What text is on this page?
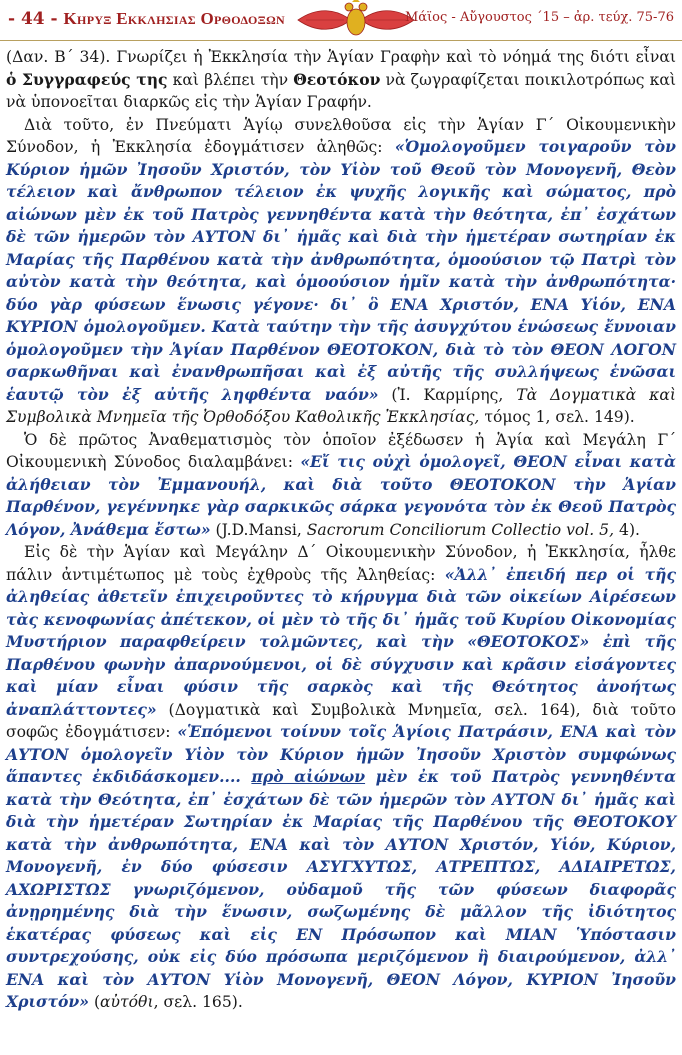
- 44 - Κηρυξ Εκκλησιας Ορθοδοξων	Μάϊος - Αὔγουστος ΄15 – ἀρ. τεύχ. 75-76

(Δαν. Β΄ 34). Γνωρίζει ἡ Ἐκκλησία τὴν Ἁγίαν Γραφὴν καὶ τὸ νόημά της διότι εἶναι ὁ Συγγραφεύς της καὶ βλέπει τὴν Θεοτόκον νὰ ζωγραφίζεται ποικιλοτρόπως καὶ νὰ ὑπονοεῖται διαρκῶς εἰς τὴν Ἁγίαν Γραφήν.

Διὰ τοῦτο, ἐν Πνεύματι Ἁγίῳ συνελθοῦσα εἰς τὴν Ἁγίαν Γ΄ Οἰκουμενικὴν Σύνοδον, ἡ Ἐκκλησία ἐδογμάτισεν ἀληθῶς: «Ὁμολογοῦμεν τοιγαροῦν τὸν Κύριον ἡμῶν Ἰησοῦν Χριστόν, τὸν Υἱὸν τοῦ Θεοῦ τὸν Μονογενῆ, Θεὸν τέλειον καὶ ἄνθρωπον τέλειον ἐκ ψυχῆς λογικῆς καὶ σώματος, πρὸ αἰώνων μὲν ἐκ τοῦ Πατρὸς γεννηθέντα κατὰ τὴν θεότητα, ἐπ᾽ ἐσχάτων δὲ τῶν ἡμερῶν τὸν ΑΥΤΟΝ δι᾽ ἡμᾶς καὶ διὰ τὴν ἡμετέραν σωτηρίαν ἐκ Μαρίας τῆς Παρθένου κατὰ τὴν ἀνθρωπότητα, ὁμοούσιον τῷ Πατρὶ τὸν αὐτὸν κατὰ τὴν θεότητα, καὶ ὁμοούσιον ἡμῖν κατὰ τὴν ἀνθρωπότητα· δύο γὰρ φύσεων ἕνωσις γέγονε· δι᾽ ὃ ΕΝΑ Χριστόν, ΕΝΑ Υἱόν, ΕΝΑ ΚΥΡΙΟΝ ὁμολογοῦμεν. Κατὰ ταύτην τὴν τῆς ἀσυγχύτου ἑνώσεως ἔννοιαν ὁμολογοῦμεν τὴν Ἁγίαν Παρθένον ΘΕΟΤΟΚΟΝ, διὰ τὸ τὸν ΘΕΟΝ ΛΟΓΟΝ σαρκωθῆναι καὶ ἐνανθρωπῆσαι καὶ ἐξ αὐτῆς τῆς συλλήψεως ἑνῶσαι ἑαυτῷ τὸν ἐξ αὐτῆς ληφθέντα ναόν» (Ἰ. Καρμίρης, Τὰ Δογματικὰ καὶ Συμβολικὰ Μνημεῖα τῆς Ὀρθοδόξου Καθολικῆς Ἐκκλησίας, τόμος 1, σελ. 149).

Ὁ δὲ πρῶτος Ἀναθεματισμὸς τὸν ὁποῖον ἐξέδωσεν ἡ Ἁγία καὶ Μεγάλη Γ΄ Οἰκουμενικὴ Σύνοδος διαλαμβάνει: «Εἴ τις οὐχὶ ὁμολογεῖ, ΘΕΟΝ εἶναι κατὰ ἀλήθειαν τὸν Ἐμμανουήλ, καὶ διὰ τοῦτο ΘΕΟΤΟΚΟΝ τὴν Ἁγίαν Παρθένον, γεγέννηκε γὰρ σαρκικῶς σάρκα γεγονότα τὸν ἐκ Θεοῦ Πατρὸς Λόγον, Ἀνάθεμα ἔστω» (J.D.Mansi, Sacrorum Conciliorum Collectio vol. 5, 4).

Εἰς δὲ τὴν Ἁγίαν καὶ Μεγάλην Δ΄ Οἰκουμενικὴν Σύνοδον, ἡ Ἐκκλησία, ἦλθε πάλιν ἀντιμέτωπος μὲ τοὺς ἐχθροὺς τῆς Ἀληθείας: «Ἀλλ᾽ ἐπειδή περ οἱ τῆς ἀληθείας ἀθετεῖν ἐπιχειροῦντες τὸ κήρυγμα διὰ τῶν οἰκείων Αἱρέσεων τὰς κενοφωνίας ἀπέτεκον, οἱ μὲν τὸ τῆς δι᾽ ἡμᾶς τοῦ Κυρίου Οἰκονομίας Μυστήριον παραφθείρειν τολμῶντες, καὶ τὴν «ΘΕΟΤΟΚΟΣ» ἐπὶ τῆς Παρθένου φωνὴν ἀπαρνούμενοι, οἱ δὲ σύγχυσιν καὶ κρᾶσιν εἰσάγοντες καὶ μίαν εἶναι φύσιν τῆς σαρκὸς καὶ τῆς Θεότητος ἀνοήτως ἀναπλάττοντες» (Δογματικὰ καὶ Συμβολικὰ Μνημεῖα, σελ. 164), διὰ τοῦτο σοφῶς ἐδογμάτισεν: «Ἑπόμενοι τοίνυν τοῖς Ἁγίοις Πατράσιν, ΕΝΑ καὶ τὸν ΑΥΤΟΝ ὁμολογεῖν Υἱὸν τὸν Κύριον ἡμῶν Ἰησοῦν Χριστὸν συμφώνως ἅπαντες ἐκδιδάσκομεν.... πρὸ αἰώνων μὲν ἐκ τοῦ Πατρὸς γεννηθέντα κατὰ τὴν Θεότητα, ἐπ᾽ ἐσχάτων δὲ τῶν ἡμερῶν τὸν ΑΥΤΟΝ δι᾽ ἡμᾶς καὶ διὰ τὴν ἡμετέραν Σωτηρίαν ἐκ Μαρίας τῆς Παρθένου τῆς ΘΕΟΤΟΚΟΥ κατὰ τὴν ἀνθρωπότητα, ΕΝΑ καὶ τὸν ΑΥΤΟΝ Χριστόν, Υἱόν, Κύριον, Μονογενῆ, ἐν δύο φύσεσιν ΑΣΥΓΧΥΤΩΣ, ΑΤΡΕΠΤΩΣ, ΑΔΙΑΙΡΕΤΩΣ, ΑΧΩΡΙΣΤΩΣ γνωριζόμενον, οὐδαμοῦ τῆς τῶν φύσεων διαφορᾶς ἀνῃρημένης διὰ τὴν ἕνωσιν, σωζωμένης δὲ μᾶλλον τῆς ἰδιότητος ἑκατέρας φύσεως καὶ εἰς ΕΝ Πρόσωπον καὶ ΜΙΑΝ Ὑπόστασιν συντρεχούσης, οὐκ εἰς δύο πρόσωπα μεριζόμενον ἢ διαιρούμενον, ἀλλ᾽ ΕΝΑ καὶ τὸν ΑΥΤΟΝ Υἱὸν Μονογενῆ, ΘΕΟΝ Λόγον, ΚΥΡΙΟΝ Ἰησοῦν Χριστόν» (αὐτόθι, σελ. 165).
